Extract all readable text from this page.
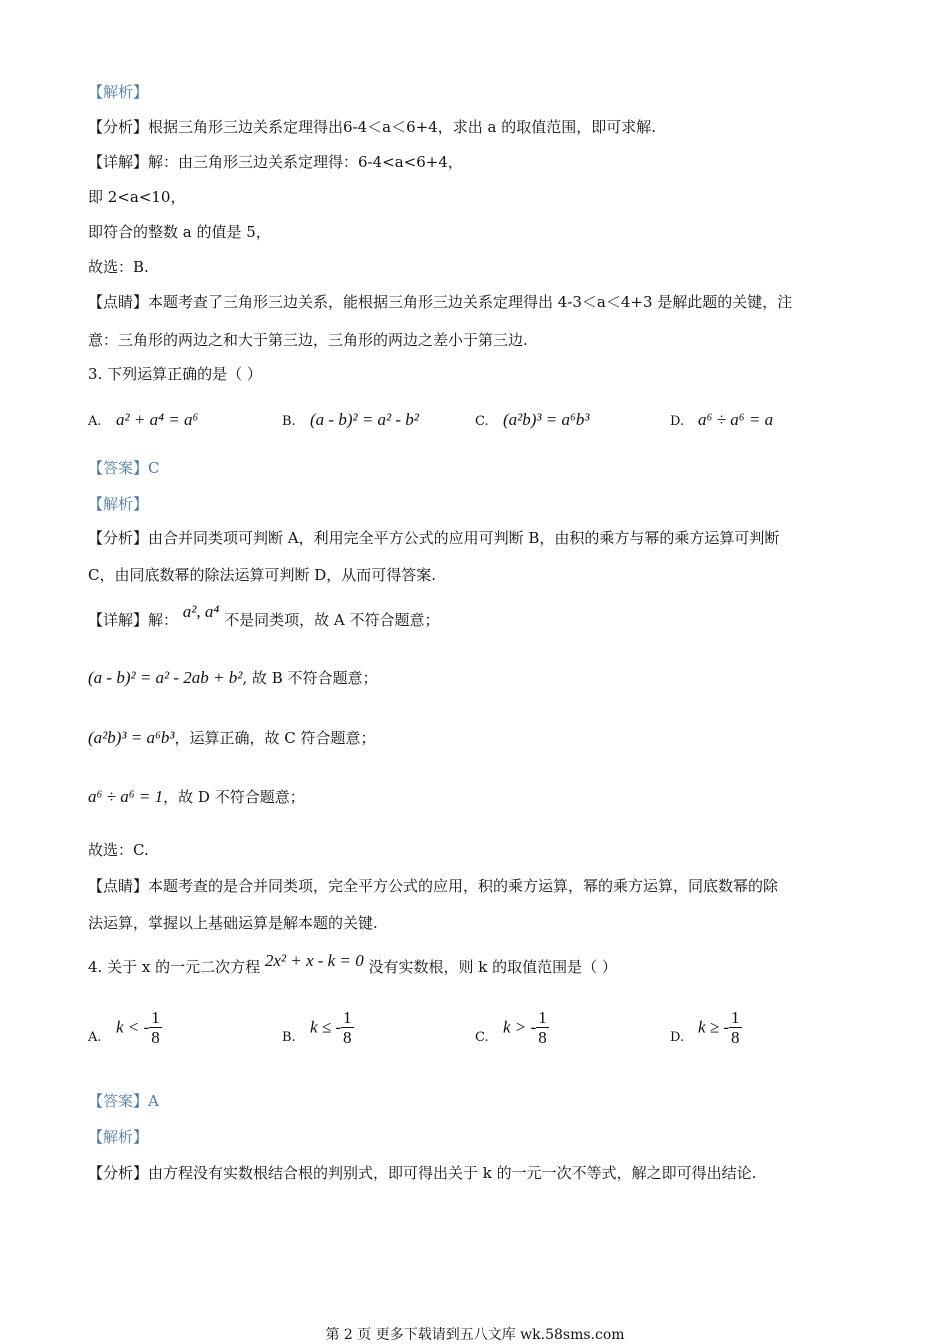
【解析】
【分析】根据三角形三边关系定理得出6-4＜a＜6+4，求出 a 的取值范围，即可求解.
【详解】解：由三角形三边关系定理得：6-4<a<6+4，
即 2<a<10，
即符合的整数 a 的值是 5，
故选：B.
【点睛】本题考查了三角形三边关系，能根据三角形三边关系定理得出 4-3＜a＜4+3 是解此题的关键，注
意：三角形的两边之和大于第三边，三角形的两边之差小于第三边.
3. 下列运算正确的是（ ）
A. a² + a⁴ = a⁶	B. (a - b)² = a² - b²	C. (a²b)³ = a⁶b³	D. a⁶ ÷ a⁶ = a
【答案】C
【解析】
【分析】由合并同类项可判断 A，利用完全平方公式的应用可判断 B，由积的乘方与幂的乘方运算可判断
C，由同底数幂的除法运算可判断 D，从而可得答案.
【详解】解： a², a⁴ 不是同类项，故 A 不符合题意；
(a - b)² = a² - 2ab + b², 故 B 不符合题意；
(a²b)³ = a⁶b³，运算正确，故 C 符合题意；
a⁶ ÷ a⁶ = 1，故 D 不符合题意；
故选：C.
【点睛】本题考查的是合并同类项，完全平方公式的应用，积的乘方运算，幂的乘方运算，同底数幂的除
法运算，掌握以上基础运算是解本题的关键.
4. 关于 x 的一元二次方程 2x² + x - k = 0 没有实数根，则 k 的取值范围是（ ）
A.k < - $\frac{1}{8}$	B.k ≤ - $\frac{1}{8}$	C.k > - $\frac{1}{8}$	D.k ≥ - $\frac{1}{8}$
【答案】A
【解析】
【分析】由方程没有实数根结合根的判别式，即可得出关于 k 的一元一次不等式，解之即可得出结论.
第 2 页 更多下载请到五八文库 wk.58sms.com
